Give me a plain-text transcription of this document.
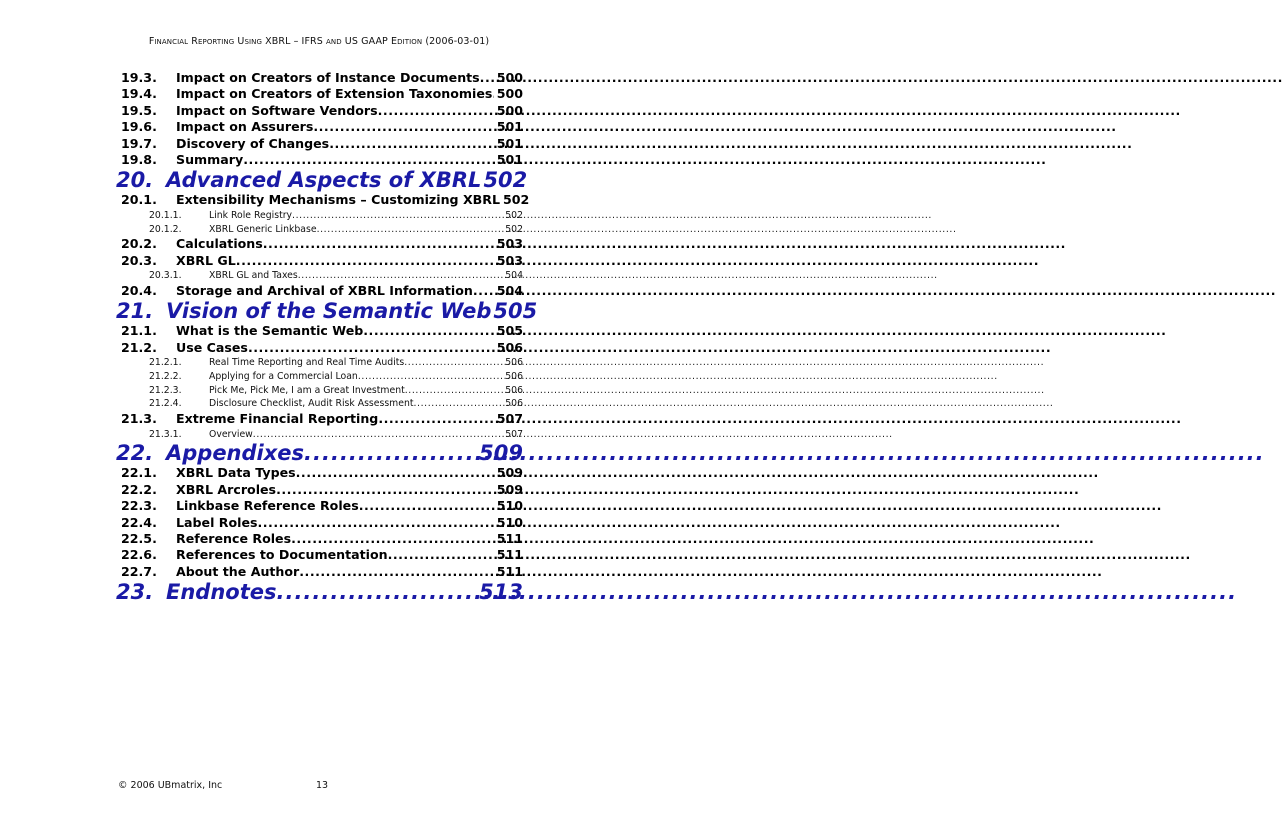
Financial Reporting Using XBRL – IFRS and US GAAP Edition (2006-03-01)
19.3.	Impact on Creators of Instance Documents ..... 500
19.4.	Impact on Creators of Extension Taxonomies ..... 500
19.5.	Impact on Software Vendors .....	500
19.6.	Impact on Assurers .....	501
19.7.	Discovery of Changes .....	501
19.8.	Summary .....	501
20. Advanced Aspects of XBRL 502
20.1.	Extensibility Mechanisms – Customizing XBRL 502
20.1.1.	Link Role Registry .....	502
20.1.2.	XBRL Generic Linkbase .....	502
20.2.	Calculations .....	503
20.3.	XBRL GL .....	503
20.3.1.	XBRL GL and Taxes .....	504
20.4.	Storage and Archival of XBRL Information ..... 504
21. Vision of the Semantic Web 505
21.1.	What is the Semantic Web .....	505
21.2.	Use Cases .....	506
21.2.1.	Real Time Reporting and Real Time Audits .....	506
21.2.2.	Applying for a Commercial Loan .....	506
21.2.3.	Pick Me, Pick Me, I am a Great Investment .....	506
21.2.4.	Disclosure Checklist, Audit Risk Assessment .....	506
21.3.	Extreme Financial Reporting .....	507
21.3.1.	Overview .....	507
22. Appendixes .....	509
22.1.	XBRL Data Types .....	509
22.2.	XBRL Arcroles .....	509
22.3.	Linkbase Reference Roles .....	510
22.4.	Label Roles .....	510
22.5.	Reference Roles .....	511
22.6.	References to Documentation .....	511
22.7.	About the Author .....	511
23. Endnotes .....	513
© 2006 UBmatrix, Inc	13
